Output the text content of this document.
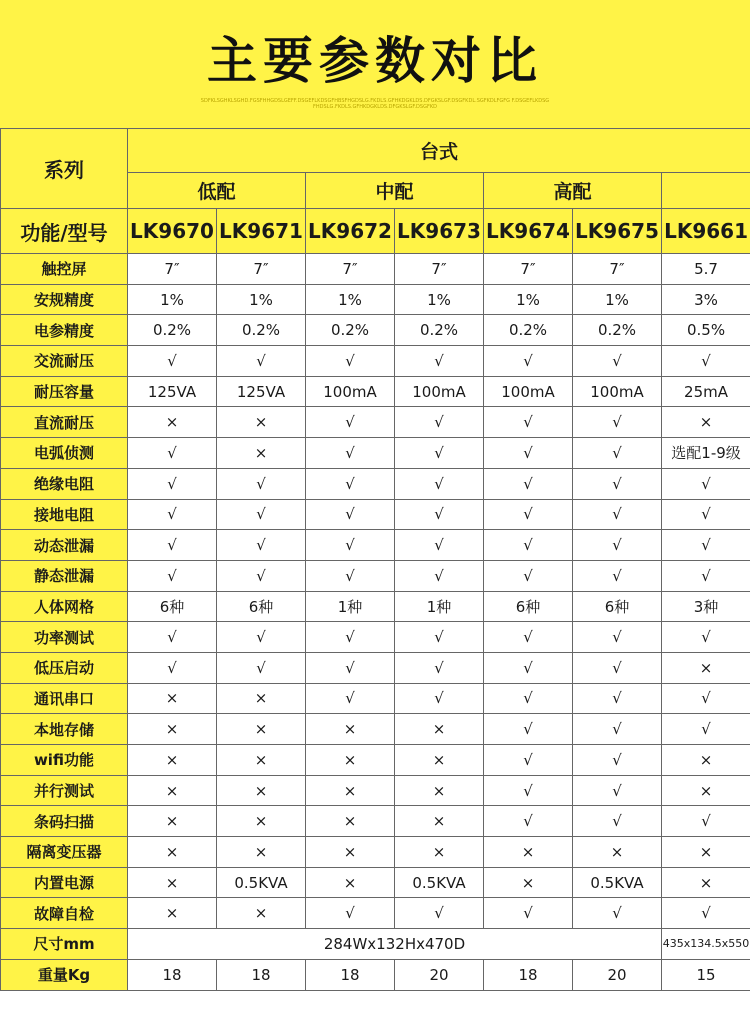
主要参数对比
SDFKLSGHKLSGHD.FGSFHHGDSLGEFF.DSGEFLKDSGFHBSFHGDSLG.FKDLS.GFHKDGKLDS.DFGKSLGF.DSGFKDL.SGFKDLFGFG F.DSGEFLKDSGFHDSLG.FKDLS.GFHKDGKLDS.DFGKSLGF.DSGFKD
系列	台式						
	低配		中配		高配		
功能/型号	LK9670	LK9671	LK9672	LK9673	LK9674	LK9675	LK9661
触控屏	7″	7″	7″	7″	7″	7″	5.7
安规精度	1%	1%	1%	1%	1%	1%	3%
电参精度	0.2%	0.2%	0.2%	0.2%	0.2%	0.2%	0.5%
交流耐压	√	√	√	√	√	√	√
耐压容量	125VA	125VA	100mA	100mA	100mA	100mA	25mA
直流耐压	×	×	√	√	√	√	×
电弧侦测	√	×	√	√	√	√	选配1-9级
绝缘电阻	√	√	√	√	√	√	√
接地电阻	√	√	√	√	√	√	√
动态泄漏	√	√	√	√	√	√	√
静态泄漏	√	√	√	√	√	√	√
人体网格	6种	6种	1种	1种	6种	6种	3种
功率测试	√	√	√	√	√	√	√
低压启动	√	√	√	√	√	√	×
通讯串口	×	×	√	√	√	√	√
本地存储	×	×	×	×	√	√	√
wifi功能	×	×	×	×	√	√	×
并行测试	×	×	×	×	√	√	×
条码扫描	×	×	×	×	√	√	√
隔离变压器	×	×	×	×	×	×	×
内置电源	×	0.5KVA	×	0.5KVA	×	0.5KVA	×
故障自检	×	×	√	√	√	√	√
尺寸mm	284Wx132Hx470D						435x134.5x550
重量Kg	18	18	18	20	18	20	15
